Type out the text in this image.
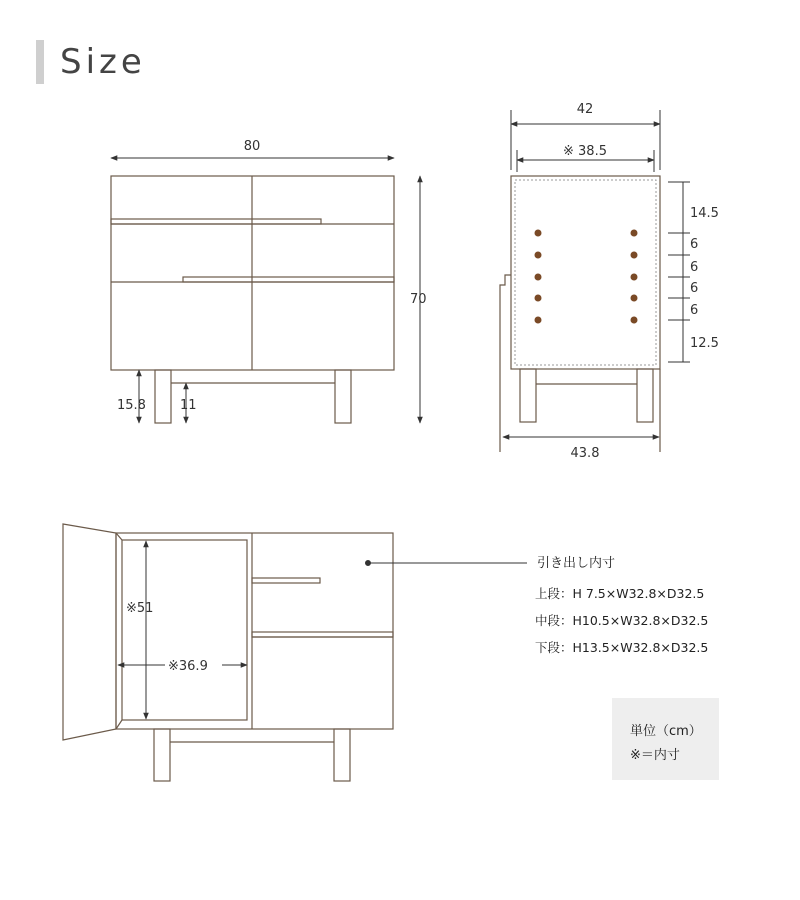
Size
80
70
15.8	11
42
※ 38.5
43.8
14.5
6
6
6
6
12.5
※51
※36.9
引き出し内寸
上段：H 7.5×W32.8×D32.5
中段：H10.5×W32.8×D32.5
下段：H13.5×W32.8×D32.5
単位（cm）
※＝内寸
